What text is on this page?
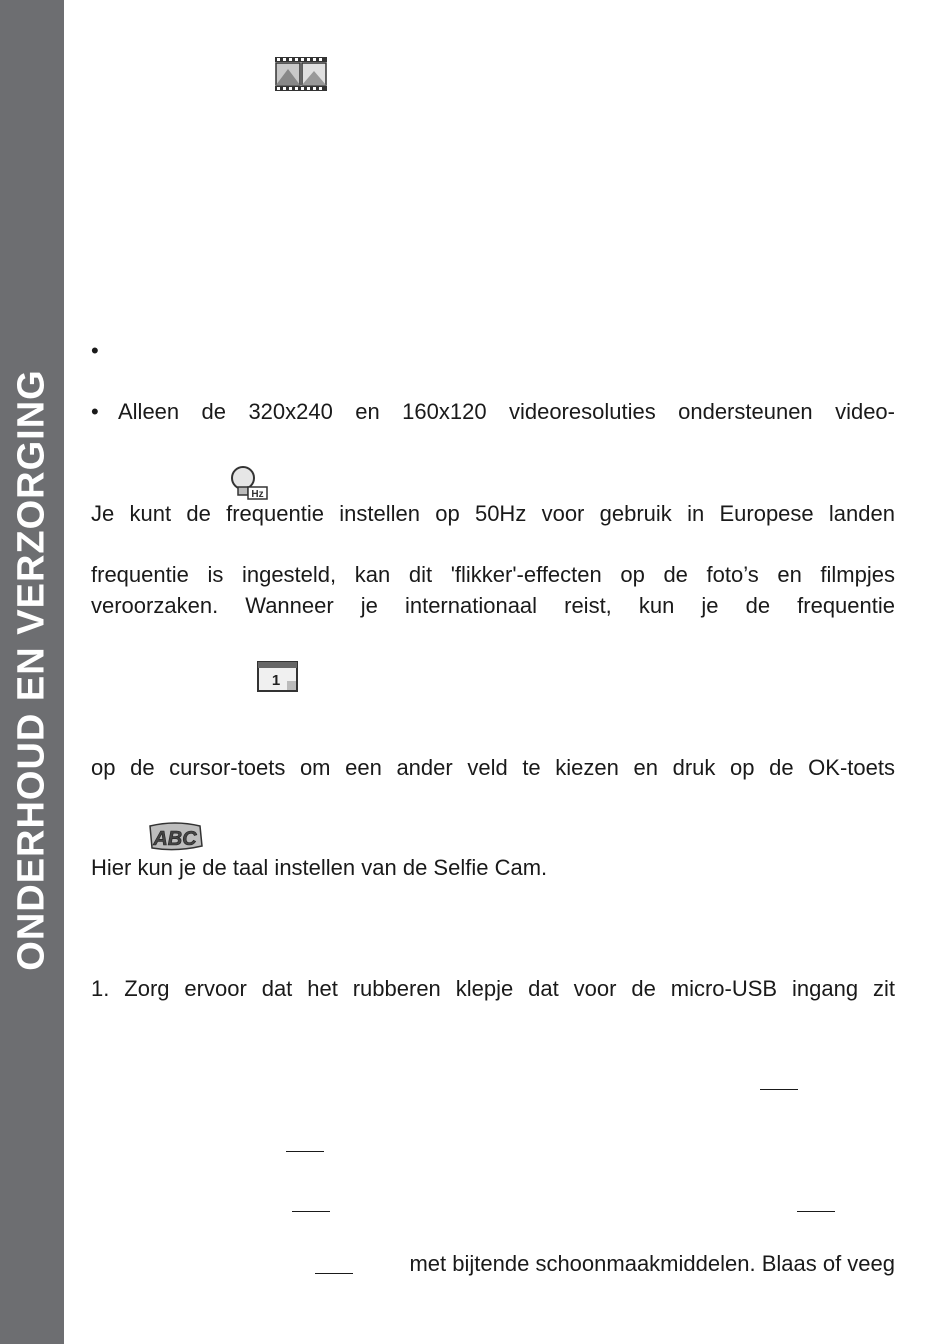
ONDERHOUD EN VERZORGING
•
• Alleen de 320x240 en 160x120 videoresoluties ondersteunen video-
Hz
Je kunt de frequentie instellen op 50Hz voor gebruik in Europese landen
frequentie is ingesteld, kan dit 'flikker'-effecten op de foto’s en filmpjes
veroorzaken. Wanneer je internationaal reist, kun je de frequentie
1
op de cursor-toets om een ander veld te kiezen en druk op de OK-toets
ABC
Hier kun je de taal instellen van de Selfie Cam.
1. Zorg ervoor dat het rubberen klepje dat voor de micro-USB ingang zit
met bijtende schoonmaakmiddelen. Blaas of veeg
